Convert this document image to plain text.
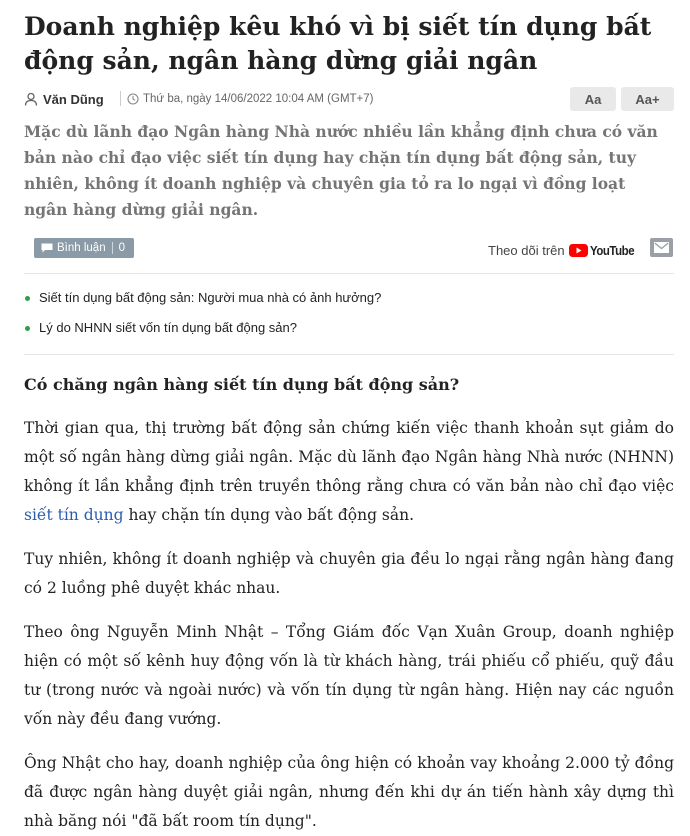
Doanh nghiệp kêu khó vì bị siết tín dụng bất động sản, ngân hàng dừng giải ngân
Văn Dũng	Thứ ba, ngày 14/06/2022 10:04 AM (GMT+7)	Aa	Aa+

Mặc dù lãnh đạo Ngân hàng Nhà nước nhiều lần khẳng định chưa có văn bản nào chỉ đạo việc siết tín dụng hay chặn tín dụng bất động sản, tuy nhiên, không ít doanh nghiệp và chuyên gia tỏ ra lo ngại vì đồng loạt ngân hàng dừng giải ngân.

Bình luận 0	Theo dõi trên YouTube
Siết tín dụng bất động sản: Người mua nhà có ảnh hưởng?
Lý do NHNN siết vốn tín dụng bất động sản?
Có chăng ngân hàng siết tín dụng bất động sản?

Thời gian qua, thị trường bất động sản chứng kiến việc thanh khoản sụt giảm do một số ngân hàng dừng giải ngân. Mặc dù lãnh đạo Ngân hàng Nhà nước (NHNN) không ít lần khẳng định trên truyền thông rằng chưa có văn bản nào chỉ đạo việc siết tín dụng hay chặn tín dụng vào bất động sản.

Tuy nhiên, không ít doanh nghiệp và chuyên gia đều lo ngại rằng ngân hàng đang có 2 luồng phê duyệt khác nhau.

Theo ông Nguyễn Minh Nhật – Tổng Giám đốc Vạn Xuân Group, doanh nghiệp hiện có một số kênh huy động vốn là từ khách hàng, trái phiếu cổ phiếu, quỹ đầu tư (trong nước và ngoài nước) và vốn tín dụng từ ngân hàng. Hiện nay các nguồn vốn này đều đang vướng.

Ông Nhật cho hay, doanh nghiệp của ông hiện có khoản vay khoảng 2.000 tỷ đồng đã được ngân hàng duyệt giải ngân, nhưng đến khi dự án tiến hành xây dựng thì nhà băng nói "đã bất room tín dụng".
